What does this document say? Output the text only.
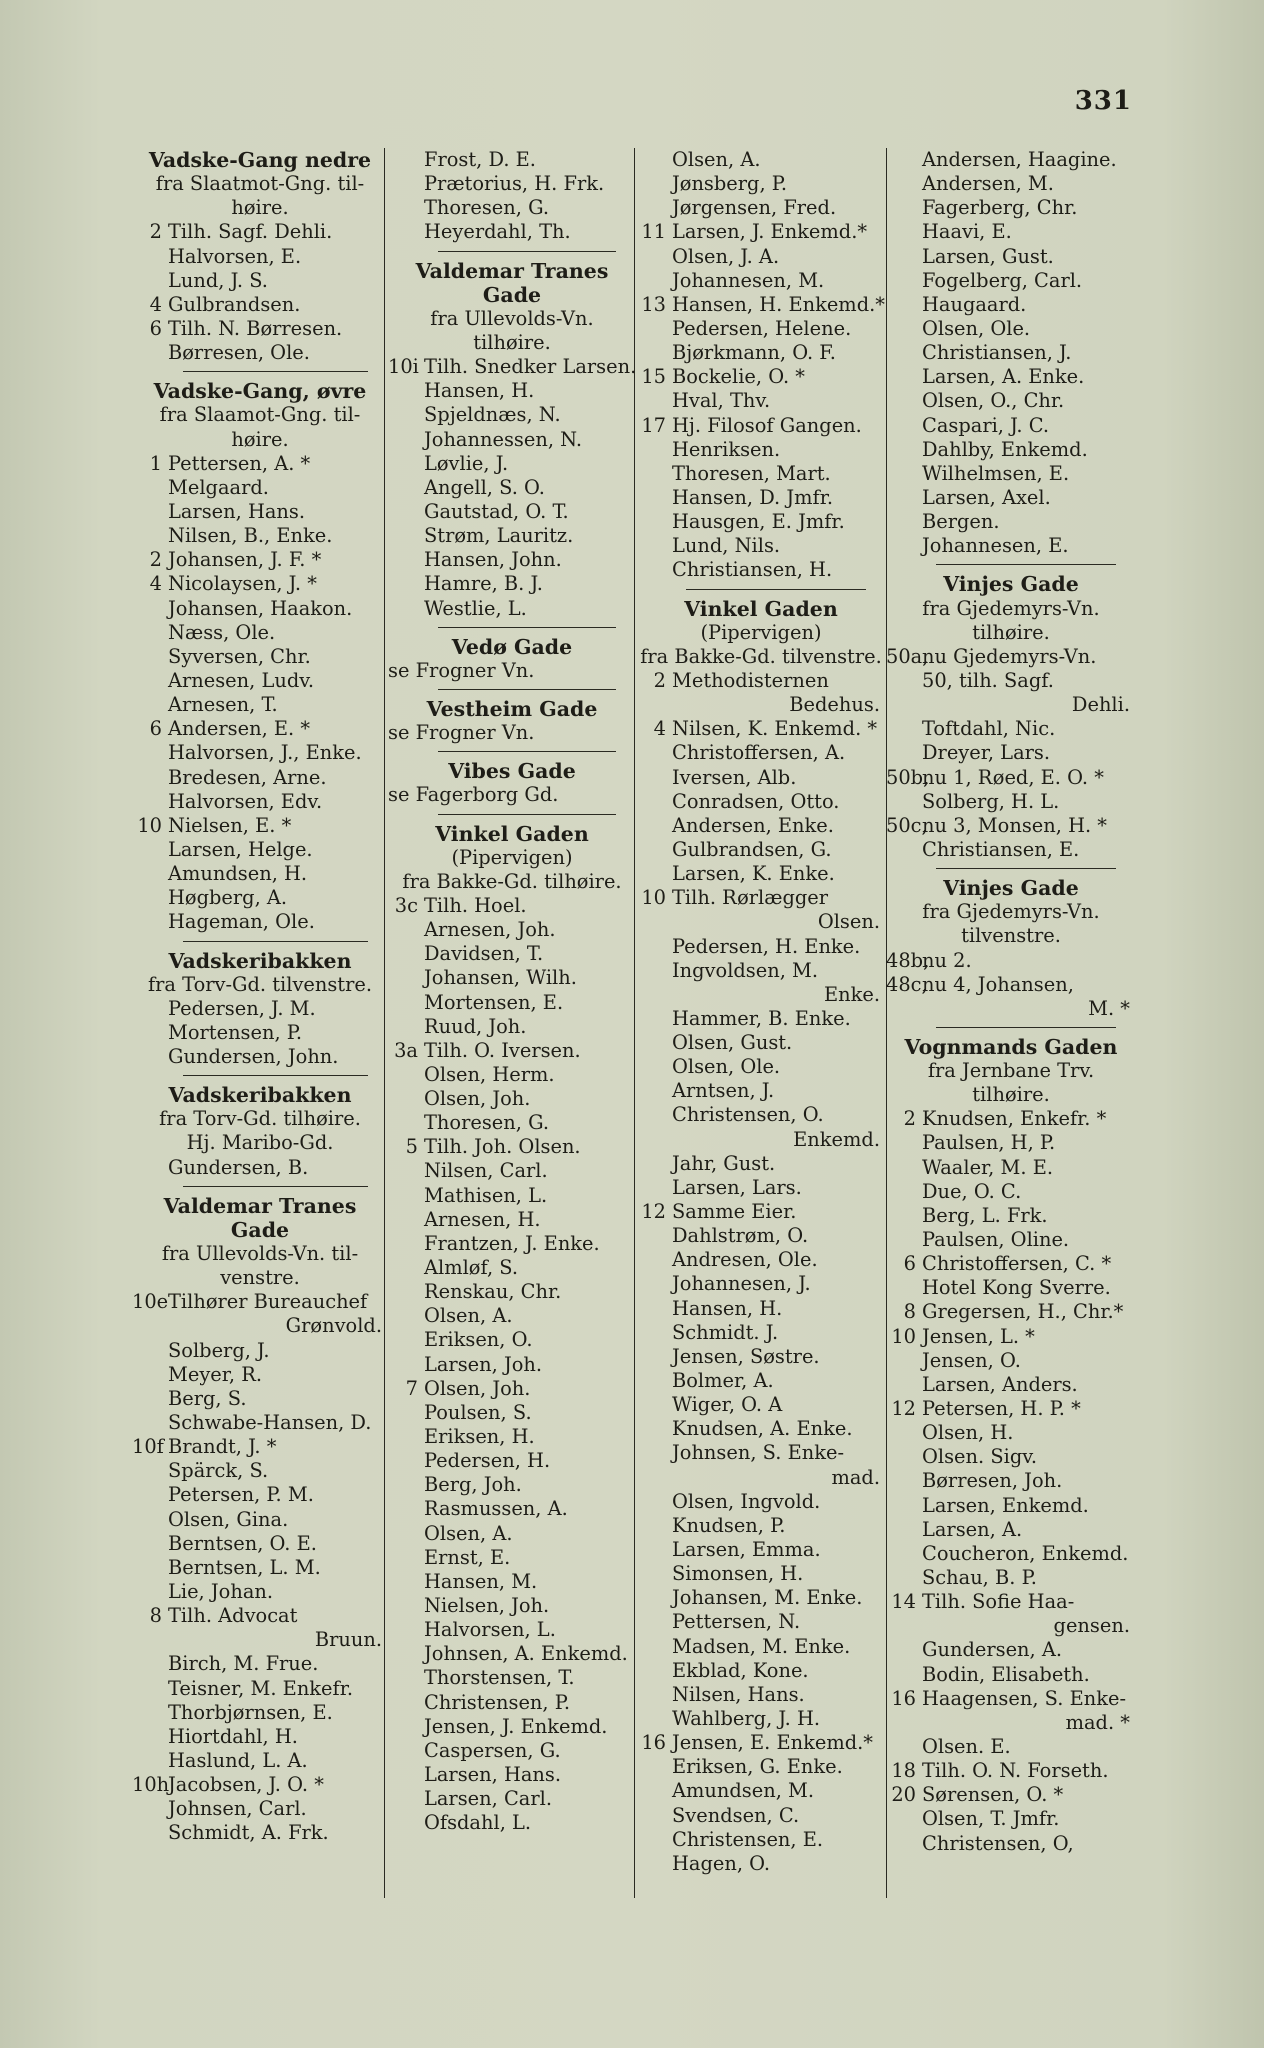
331
Vadske-Gang nedre
fra Slaatmot-Gng. til-
høire.
2 Tilh. Sagf. Dehli.
Halvorsen, E.
Lund, J. S.
4 Gulbrandsen.
6 Tilh. N. Børresen.
Børresen, Ole.
Vadske-Gang, øvre
fra Slaamot-Gng. til-
høire.
1 Pettersen, A. *
Melgaard.
Larsen, Hans.
Nilsen, B., Enke.
2 Johansen, J. F. *
4 Nicolaysen, J. *
Johansen, Haakon.
Næss, Ole.
Syversen, Chr.
Arnesen, Ludv.
Arnesen, T.
6 Andersen, E. *
Halvorsen, J., Enke.
Bredesen, Arne.
Halvorsen, Edv.
10 Nielsen, E. *
Larsen, Helge.
Amundsen, H.
Høgberg, A.
Hageman, Ole.
Vadskeribakken
fra Torv-Gd. tilvenstre.
Pedersen, J. M.
Mortensen, P.
Gundersen, John.
Vadskeribakken
fra Torv-Gd. tilhøire.
Hj. Maribo-Gd.
Gundersen, B.
Valdemar Tranes
Gade
fra Ullevolds-Vn. til-
venstre.
10eTilhører Bureauchef
Grønvold.
Solberg, J.
Meyer, R.
Berg, S.
Schwabe-Hansen, D.
10f Brandt, J. *
Spärck, S.
Petersen, P. M.
Olsen, Gina.
Berntsen, O. E.
Berntsen, L. M.
Lie, Johan.
8 Tilh. Advocat
Bruun.
Birch, M. Frue.
Teisner, M. Enkefr.
Thorbjørnsen, E.
Hiortdahl, H.
Haslund, L. A.
10hJacobsen, J. O. *
Johnsen, Carl.
Schmidt, A. Frk.
Frost, D. E.
Prætorius, H. Frk.
Thoresen, G.
Heyerdahl, Th.
Valdemar Tranes
Gade
fra Ullevolds-Vn.
tilhøire.
10i Tilh. Snedker Larsen.
Hansen, H.
Spjeldnæs, N.
Johannessen, N.
Løvlie, J.
Angell, S. O.
Gautstad, O. T.
Strøm, Lauritz.
Hansen, John.
Hamre, B. J.
Westlie, L.
Vedø Gade
se Frogner Vn.
Vestheim Gade
se Frogner Vn.
Vibes Gade
se Fagerborg Gd.
Vinkel Gaden
(Pipervigen)
fra Bakke-Gd. tilhøire.
3c Tilh. Hoel.
Arnesen, Joh.
Davidsen, T.
Johansen, Wilh.
Mortensen, E.
Ruud, Joh.
3a Tilh. O. Iversen.
Olsen, Herm.
Olsen, Joh.
Thoresen, G.
5 Tilh. Joh. Olsen.
Nilsen, Carl.
Mathisen, L.
Arnesen, H.
Frantzen, J. Enke.
Almløf, S.
Renskau, Chr.
Olsen, A.
Eriksen, O.
Larsen, Joh.
7 Olsen, Joh.
Poulsen, S.
Eriksen, H.
Pedersen, H.
Berg, Joh.
Rasmussen, A.
Olsen, A.
Ernst, E.
Hansen, M.
Nielsen, Joh.
Halvorsen, L.
Johnsen, A. Enkemd.
Thorstensen, T.
Christensen, P.
Jensen, J. Enkemd.
Caspersen, G.
Larsen, Hans.
Larsen, Carl.
Ofsdahl, L.
Olsen, A.
Jønsberg, P.
Jørgensen, Fred.
11 Larsen, J. Enkemd.*
Olsen, J. A.
Johannesen, M.
13 Hansen, H. Enkemd.*
Pedersen, Helene.
Bjørkmann, O. F.
15 Bockelie, O. *
Hval, Thv.
17 Hj. Filosof Gangen.
Henriksen.
Thoresen, Mart.
Hansen, D. Jmfr.
Hausgen, E. Jmfr.
Lund, Nils.
Christiansen, H.
Vinkel Gaden
(Pipervigen)
fra Bakke-Gd. tilvenstre.
2 Methodisternen
Bedehus.
4 Nilsen, K. Enkemd. *
Christoffersen, A.
Iversen, Alb.
Conradsen, Otto.
Andersen, Enke.
Gulbrandsen, G.
Larsen, K. Enke.
10 Tilh. Rørlægger
Olsen.
Pedersen, H. Enke.
Ingvoldsen, M.
Enke.
Hammer, B. Enke.
Olsen, Gust.
Olsen, Ole.
Arntsen, J.
Christensen, O.
Enkemd.
Jahr, Gust.
Larsen, Lars.
12 Samme Eier.
Dahlstrøm, O.
Andresen, Ole.
Johannesen, J.
Hansen, H.
Schmidt. J.
Jensen, Søstre.
Bolmer, A.
Wiger, O. A
Knudsen, A. Enke.
Johnsen, S. Enke-
mad.
Olsen, Ingvold.
Knudsen, P.
Larsen, Emma.
Simonsen, H.
Johansen, M. Enke.
Pettersen, N.
Madsen, M. Enke.
Ekblad, Kone.
Nilsen, Hans.
Wahlberg, J. H.
16 Jensen, E. Enkemd.*
Eriksen, G. Enke.
Amundsen, M.
Svendsen, C.
Christensen, E.
Hagen, O.
Andersen, Haagine.
Andersen, M.
Fagerberg, Chr.
Haavi, E.
Larsen, Gust.
Fogelberg, Carl.
Haugaard.
Olsen, Ole.
Christiansen, J.
Larsen, A. Enke.
Olsen, O., Chr.
Caspari, J. C.
Dahlby, Enkemd.
Wilhelmsen, E.
Larsen, Axel.
Bergen.
Johannesen, E.
Vinjes Gade
fra Gjedemyrs-Vn.
tilhøire.
50a,nu Gjedemyrs-Vn.
50, tilh. Sagf.
Dehli.
Toftdahl, Nic.
Dreyer, Lars.
50b,nu 1, Røed, E. O. *
Solberg, H. L.
50c,nu 3, Monsen, H. *
Christiansen, E.
Vinjes Gade
fra Gjedemyrs-Vn.
tilvenstre.
48b,nu 2.
48c,nu 4, Johansen,
M. *
Vognmands Gaden
fra Jernbane Trv.
tilhøire.
2 Knudsen, Enkefr. *
Paulsen, H, P.
Waaler, M. E.
Due, O. C.
Berg, L. Frk.
Paulsen, Oline.
6 Christoffersen, C. *
Hotel Kong Sverre.
8 Gregersen, H., Chr.*
10 Jensen, L. *
Jensen, O.
Larsen, Anders.
12 Petersen, H. P. *
Olsen, H.
Olsen. Sigv.
Børresen, Joh.
Larsen, Enkemd.
Larsen, A.
Coucheron, Enkemd.
Schau, B. P.
14 Tilh. Sofie Haa-
gensen.
Gundersen, A.
Bodin, Elisabeth.
16 Haagensen, S. Enke-
mad. *
Olsen. E.
18 Tilh. O. N. Forseth.
20 Sørensen, O. *
Olsen, T. Jmfr.
Christensen, O,
